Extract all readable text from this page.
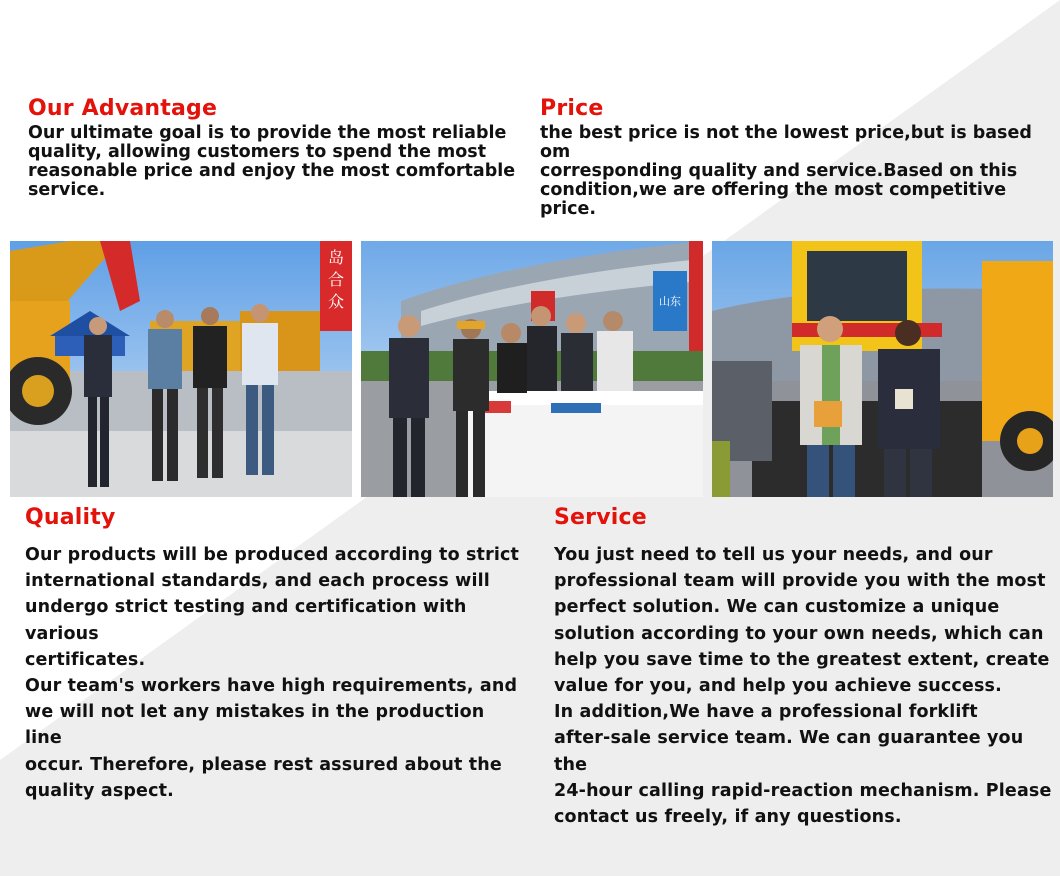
Our Advantage

Our ultimate goal is to provide the most reliable
quality, allowing customers to spend the most
reasonable price and enjoy the most comfortable
service.

Price

the best price is not the lowest price,but is based om
corresponding quality and service.Based on this
condition,we are offering the most competitive
price.

岛
合
众	山东
Quality

Our products will be produced according to strict
international standards, and each process will
undergo strict testing and certification with various
certificates.
Our team's workers have high requirements, and
we will not let any mistakes in the production line
occur. Therefore, please rest assured about the
quality aspect.

Service

You just need to tell us your needs, and our
professional team will provide you with the most
perfect solution. We can customize a unique
solution according to your own needs, which can
help you save time to the greatest extent, create
value for you, and help you achieve success.
In addition,We have a professional forklift
after-sale service team. We can guarantee you the
24-hour calling rapid-reaction mechanism. Please
contact us freely, if any questions.
